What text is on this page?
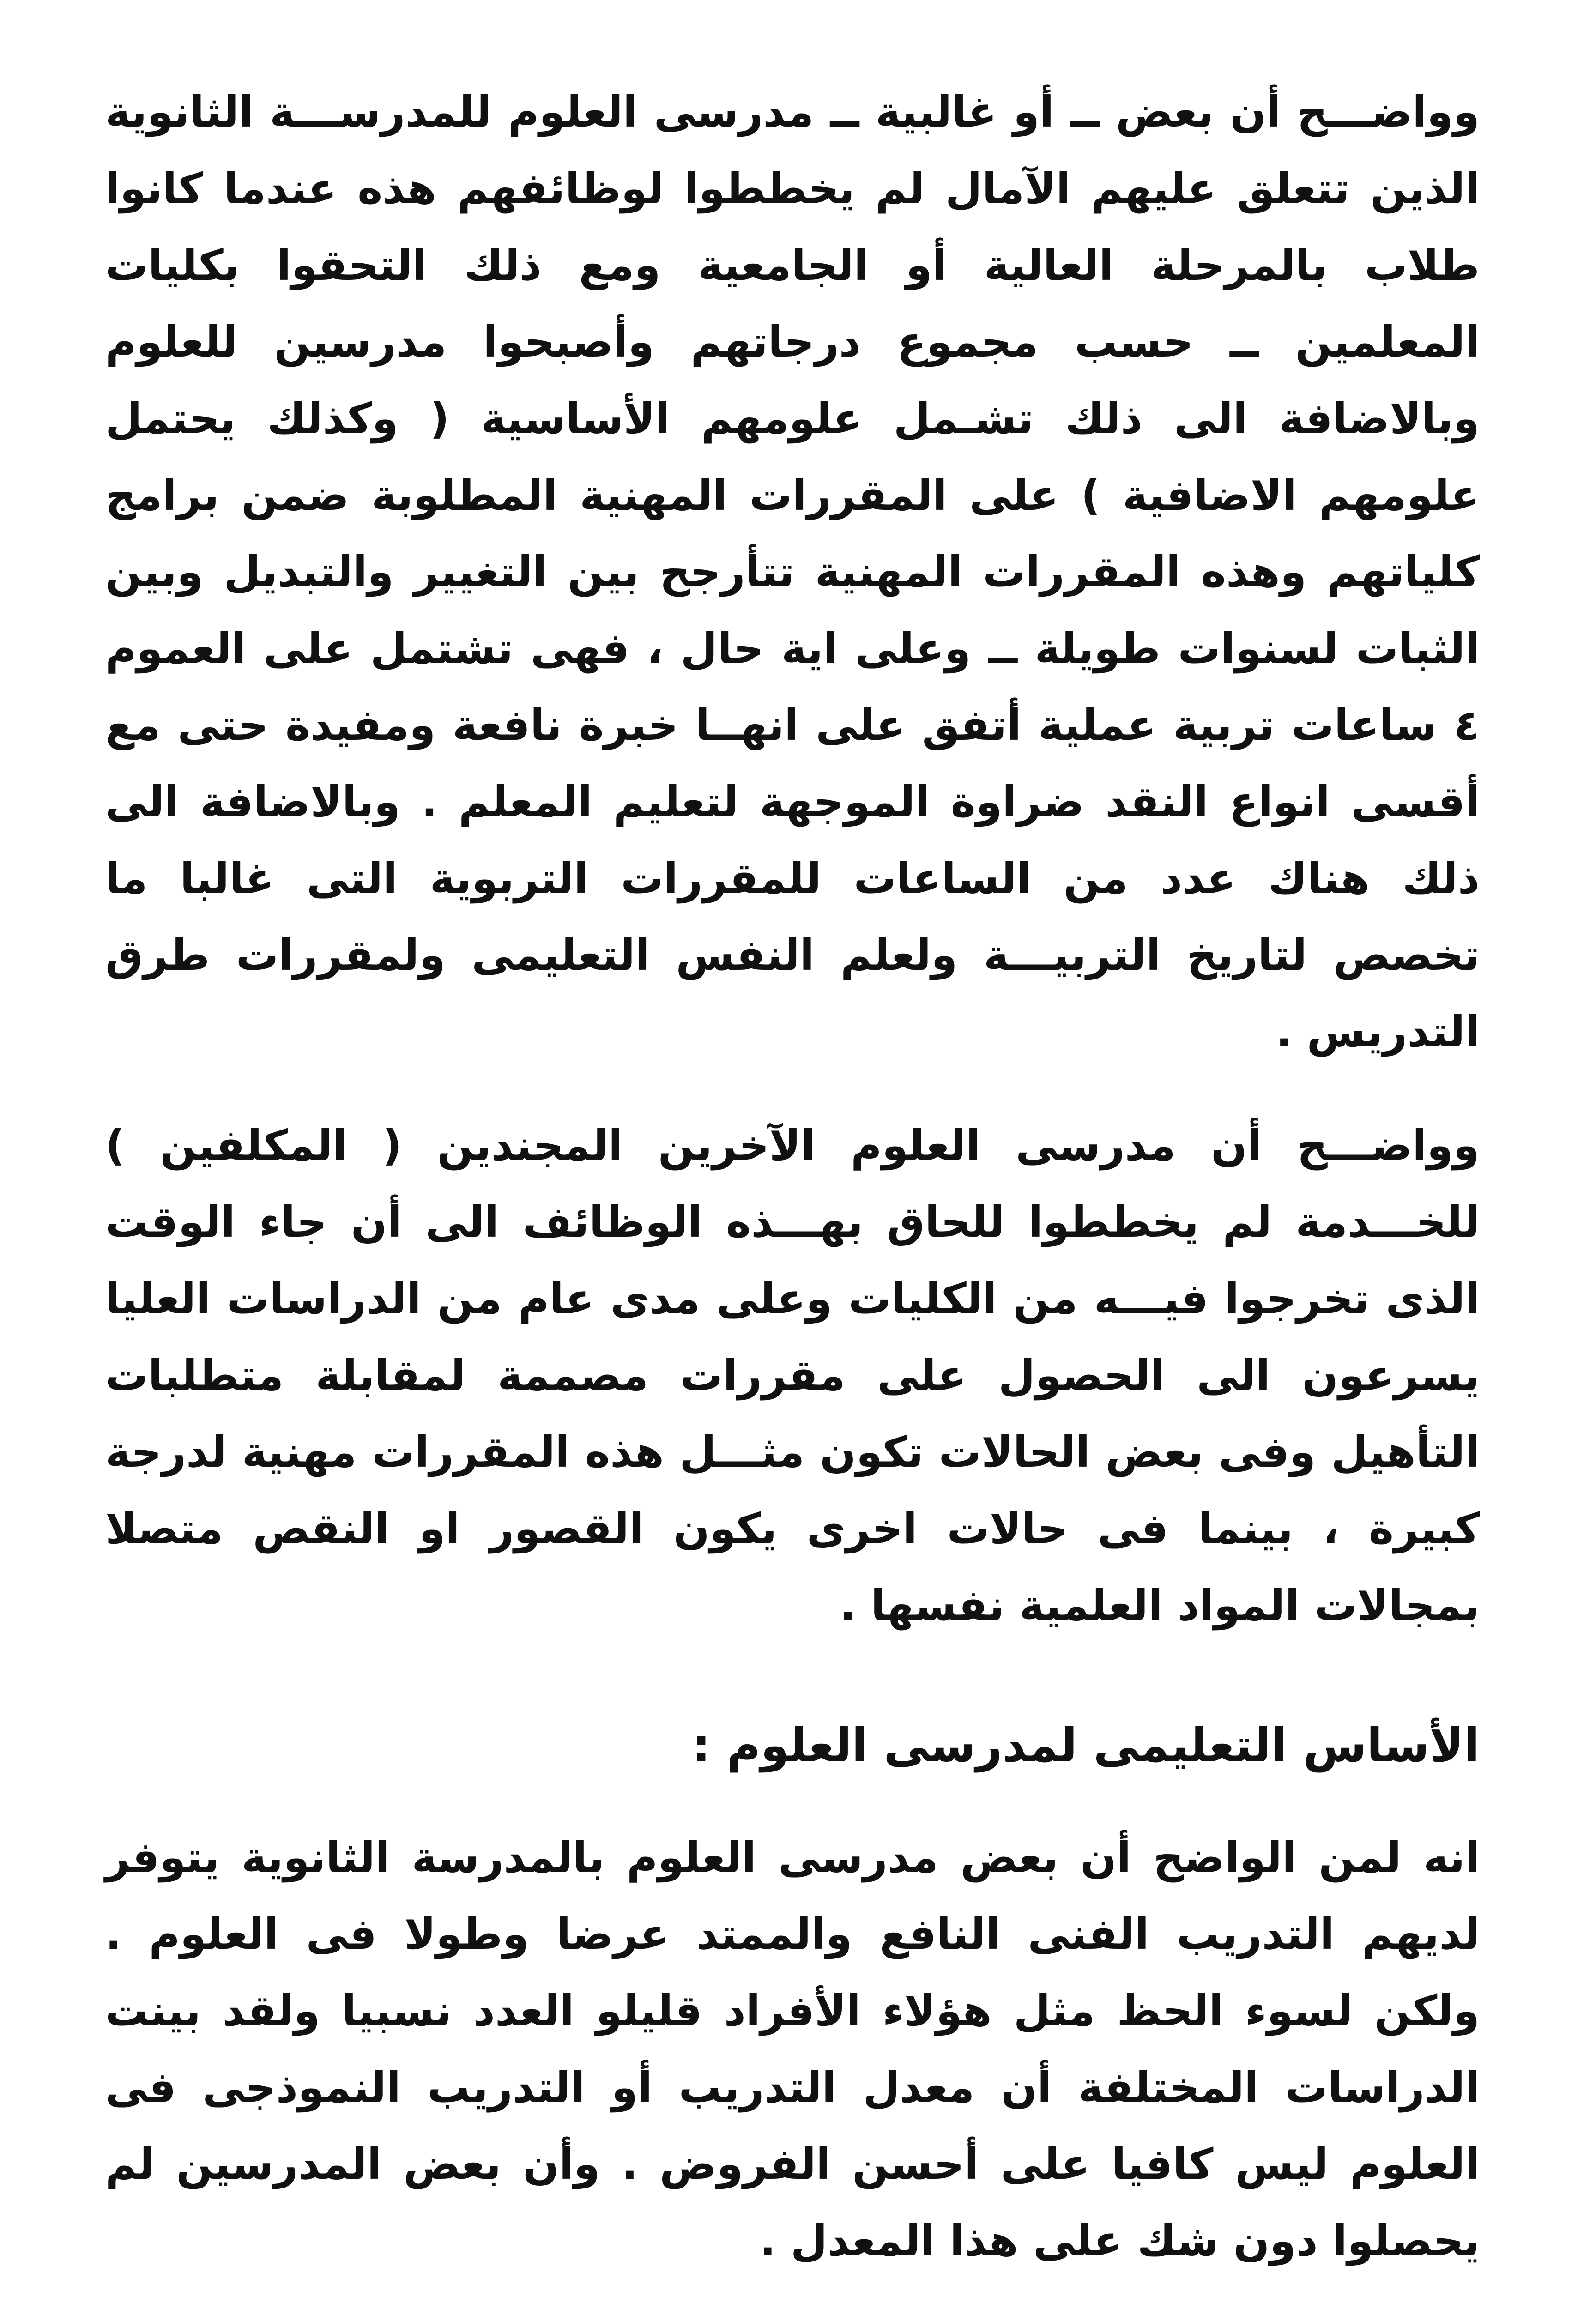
وواضـــح أن بعض ــ أو غالبية ــ مدرسى العلوم للمدرســـة الثانوية الذين تتعلق عليهم الآمال لم يخططوا لوظائفهم هذه عندما كانوا طلاب بالمرحلة العالية أو الجامعية ومع ذلك التحقوا بكليات المعلمين ــ حسب مجموع درجاتهم وأصبحوا مدرسين للعلوم وبالاضافة الى ذلك تشـمل علومهم الأساسية ( وكذلك يحتمل علومهم الاضافية ) على المقررات المهنية المطلوبة ضمن برامج كلياتهم وهذه المقررات المهنية تتأرجح بين التغيير والتبديل وبين الثبات لسنوات طويلة ــ وعلى اية حال ، فهى تشتمل على العموم ٤ ساعات تربية عملية أتفق على انهــا خبرة نافعة ومفيدة حتى مع أقسى انواع النقد ضراوة الموجهة لتعليم المعلم . وبالاضافة الى ذلك هناك عدد من الساعات للمقررات التربوية التى غالبا ما تخصص لتاريخ التربيـــة ولعلم النفس التعليمى ولمقررات طرق التدريس .

وواضـــح أن مدرسى العلوم الآخرين المجندين ( المكلفين ) للخـــدمة لم يخططوا للحاق بهـــذه الوظائف الى أن جاء الوقت الذى تخرجوا فيـــه من الكليات وعلى مدى عام من الدراسات العليا يسرعون الى الحصول على مقررات مصممة لمقابلة متطلبات التأهيل وفى بعض الحالات تكون مثـــل هذه المقررات مهنية لدرجة كبيرة ، بينما فى حالات اخرى يكون القصور او النقص متصلا بمجالات المواد العلمية نفسها .

الأساس التعليمى لمدرسى العلوم :

انه لمن الواضح أن بعض مدرسى العلوم بالمدرسة الثانوية يتوفر لديهم التدريب الفنى النافع والممتد عرضا وطولا فى العلوم . ولكن لسوء الحظ مثل هؤلاء الأفراد قليلو العدد نسبيا ولقد بينت الدراسات المختلفة أن معدل التدريب أو التدريب النموذجى فى العلوم ليس كافيا على أحسن الفروض . وأن بعض المدرسين لم يحصلوا دون شك على هذا المعدل .
